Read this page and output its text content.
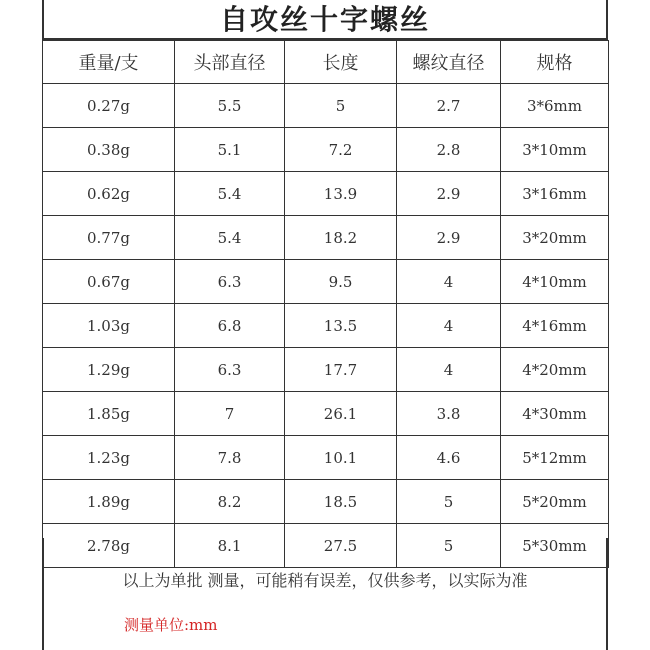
自攻丝十字螺丝
重量/支	头部直径	长度	螺纹直径	规格
0.27g	5.5	5	2.7	3*6mm
0.38g	5.1	7.2	2.8	3*10mm
0.62g	5.4	13.9	2.9	3*16mm
0.77g	5.4	18.2	2.9	3*20mm
0.67g	6.3	9.5	4	4*10mm
1.03g	6.8	13.5	4	4*16mm
1.29g	6.3	17.7	4	4*20mm
1.85g	7	26.1	3.8	4*30mm
1.23g	7.8	10.1	4.6	5*12mm
1.89g	8.2	18.5	5	5*20mm
2.78g	8.1	27.5	5	5*30mm
以上为单批 测量，可能稍有误差，仅供参考，以实际为准
测量单位:mm
